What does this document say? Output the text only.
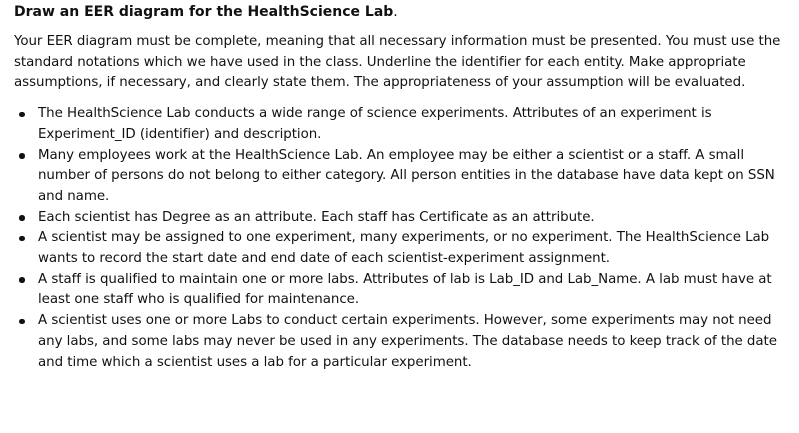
Draw an EER diagram for the HealthScience Lab.

Your EER diagram must be complete, meaning that all necessary information must be presented. You must use the standard notations which we have used in the class. Underline the identifier for each entity. Make appropriate assumptions, if necessary, and clearly state them. The appropriateness of your assumption will be evaluated.

The HealthScience Lab conducts a wide range of science experiments. Attributes of an experiment is Experiment_ID (identifier) and description.
Many employees work at the HealthScience Lab. An employee may be either a scientist or a staff. A small number of persons do not belong to either category. All person entities in the database have data kept on SSN and name.
Each scientist has Degree as an attribute. Each staff has Certificate as an attribute.
A scientist may be assigned to one experiment, many experiments, or no experiment. The HealthScience Lab wants to record the start date and end date of each scientist-experiment assignment.
A staff is qualified to maintain one or more labs. Attributes of lab is Lab_ID and Lab_Name. A lab must have at least one staff who is qualified for maintenance.
A scientist uses one or more Labs to conduct certain experiments. However, some experiments may not need any labs, and some labs may never be used in any experiments. The database needs to keep track of the date and time which a scientist uses a lab for a particular experiment.
